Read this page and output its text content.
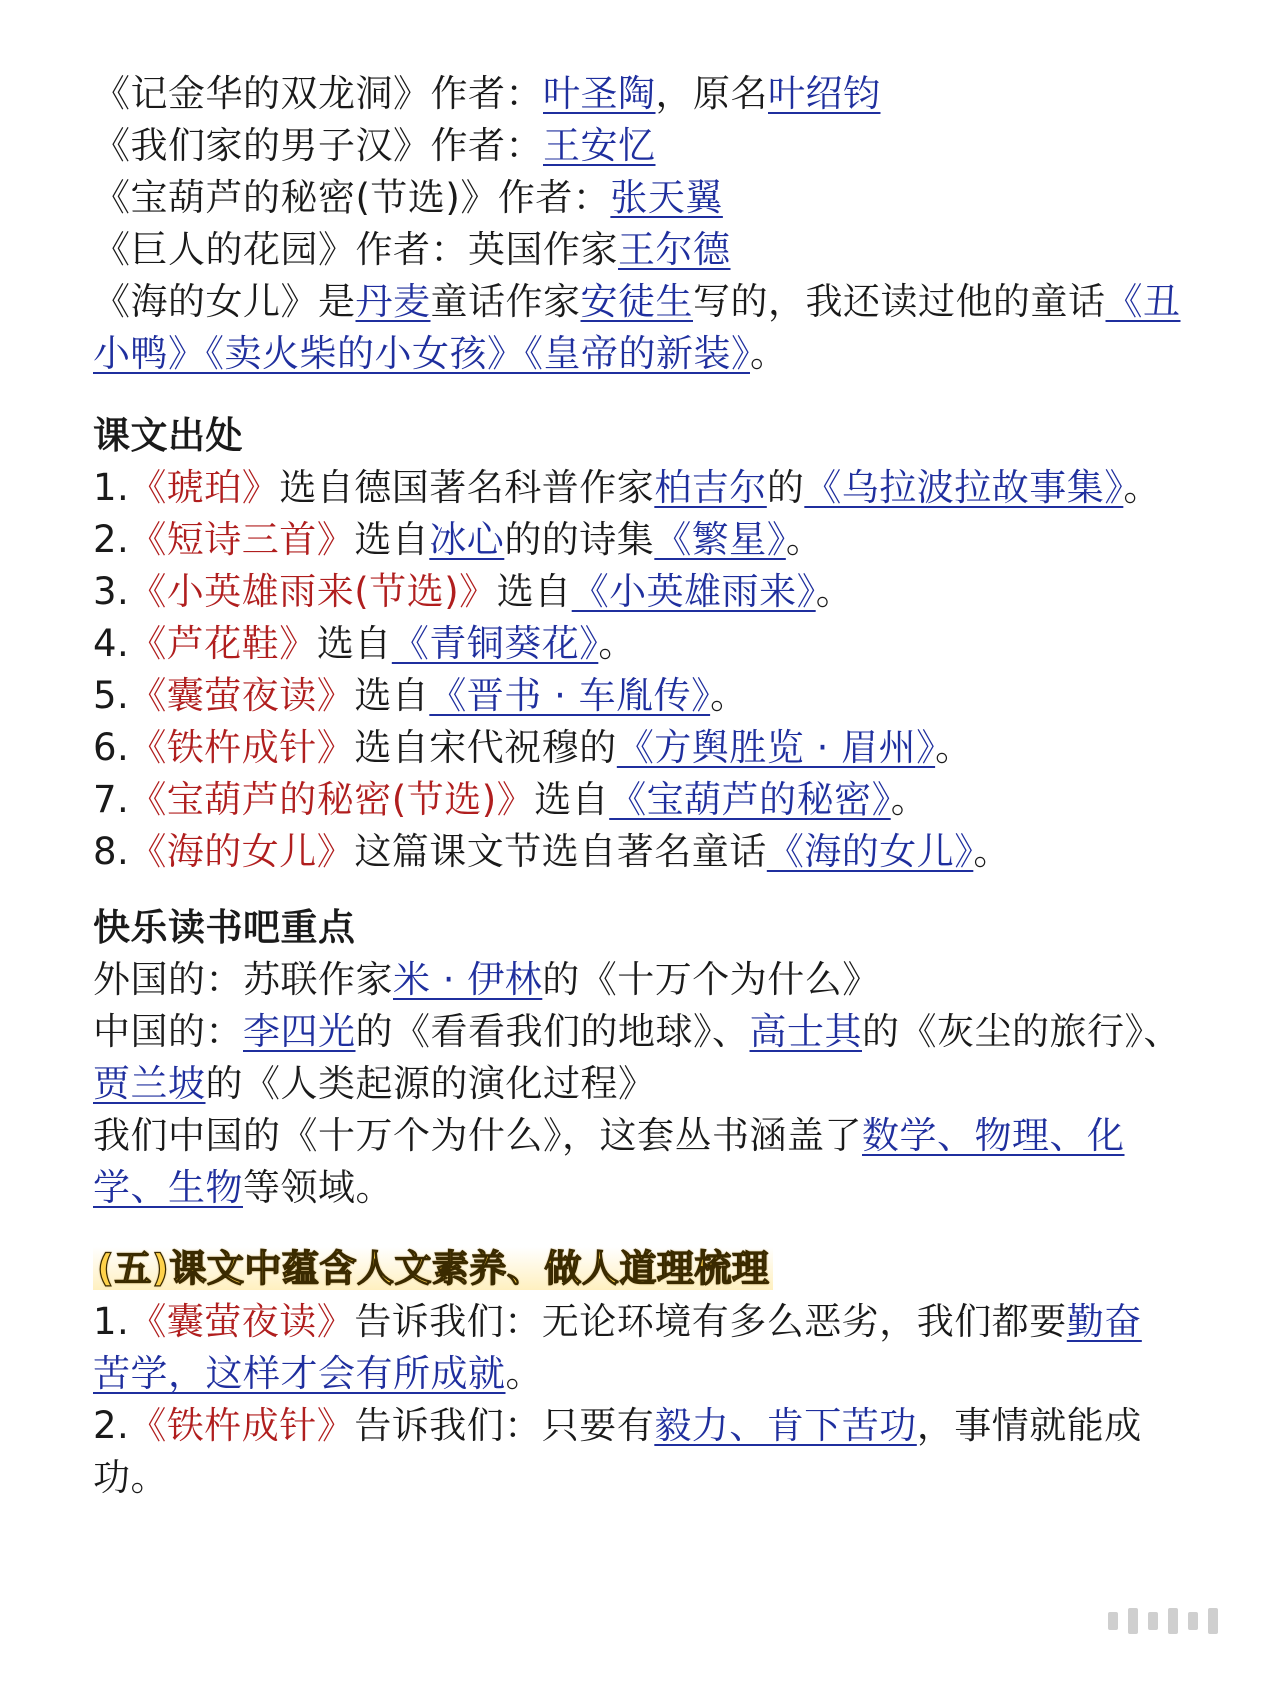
《记金华的双龙洞》作者：叶圣陶，原名叶绍钧
《我们家的男子汉》作者：王安忆
《宝葫芦的秘密(节选)》作者：张天翼
《巨人的花园》作者：英国作家王尔德
《海的女儿》是丹麦童话作家安徒生写的，我还读过他的童话《丑
小鸭》《卖火柴的小女孩》《皇帝的新装》。
课文出处
1.《琥珀》选自德国著名科普作家柏吉尔的《乌拉波拉故事集》。
2.《短诗三首》选自冰心的的诗集《繁星》。
3.《小英雄雨来(节选)》选自《小英雄雨来》。
4.《芦花鞋》选自《青铜葵花》。
5.《囊萤夜读》选自《晋书 · 车胤传》。
6.《铁杵成针》选自宋代祝穆的《方舆胜览 · 眉州》。
7.《宝葫芦的秘密(节选)》选自《宝葫芦的秘密》。
8.《海的女儿》这篇课文节选自著名童话《海的女儿》。
快乐读书吧重点
外国的：苏联作家米 · 伊林的《十万个为什么》
中国的：李四光的《看看我们的地球》、高士其的《灰尘的旅行》、
贾兰坡的《人类起源的演化过程》
我们中国的《十万个为什么》，这套丛书涵盖了数学、物理、化
学、生物等领域。
(五)课文中蕴含人文素养、做人道理梳理
1.《囊萤夜读》告诉我们：无论环境有多么恶劣，我们都要勤奋
苦学，这样才会有所成就。
2.《铁杵成针》告诉我们：只要有毅力、肯下苦功，事情就能成
功。
